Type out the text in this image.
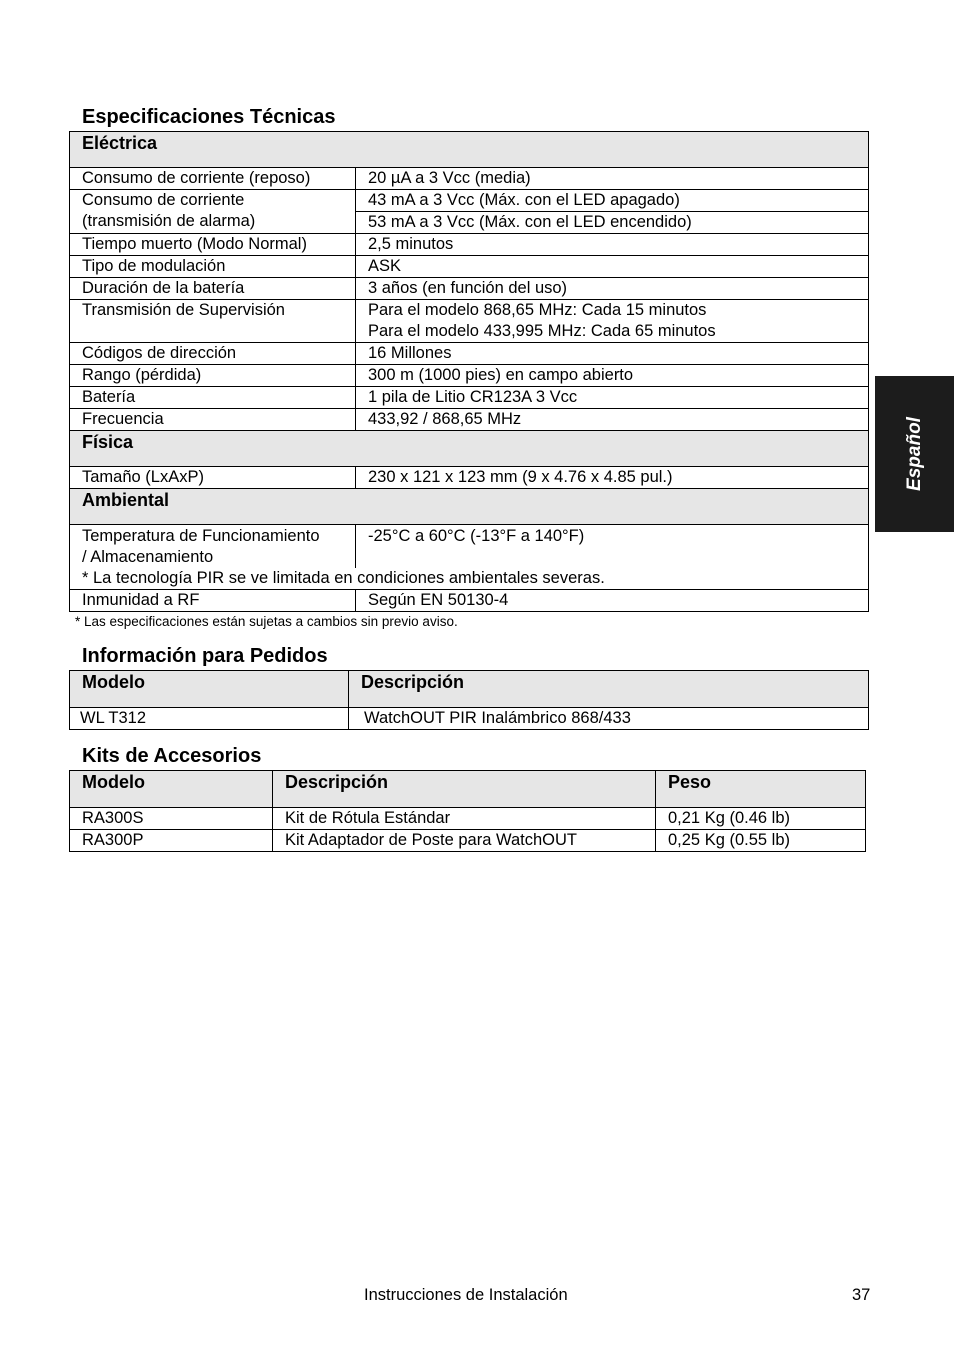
Especificaciones Técnicas
Eléctrica	
Consumo de corriente (reposo)	20 µA a 3 Vcc (media)
Consumo de corriente
(transmisión de alarma)	43 mA a 3 Vcc (Máx. con el LED apagado)
	53 mA a 3 Vcc (Máx. con el LED encendido)
Tiempo muerto (Modo Normal)	2,5 minutos
Tipo de modulación	ASK
Duración de la batería	3 años (en función del uso)
Transmisión de Supervisión	Para el modelo 868,65 MHz: Cada 15 minutos
Para el modelo 433,995 MHz: Cada 65 minutos
Códigos de dirección	16 Millones
Rango (pérdida)	300 m (1000 pies) en campo abierto
Batería	1 pila de Litio CR123A 3 Vcc
Frecuencia	433,92 / 868,65 MHz
Física	
Tamaño (LxAxP)	230 x 121 x 123 mm (9 x 4.76 x 4.85 pul.)
Ambiental	
Temperatura de Funcionamiento
/ Almacenamiento	-25°C a 60°C (-13°F a 140°F)
* La tecnología PIR se ve limitada en condiciones ambientales severas.	
Inmunidad a RF	Según EN 50130-4
* Las especificaciones están sujetas a cambios sin previo aviso.
Información para Pedidos
Modelo	Descripción
WL T312	WatchOUT PIR Inalámbrico 868/433
Kits de Accesorios
Modelo	Descripción	Peso
RA300S	Kit de Rótula Estándar	0,21 Kg (0.46 lb)
RA300P	Kit Adaptador de Poste para WatchOUT	0,25 Kg (0.55 lb)
Español
Instrucciones de Instalación	37
